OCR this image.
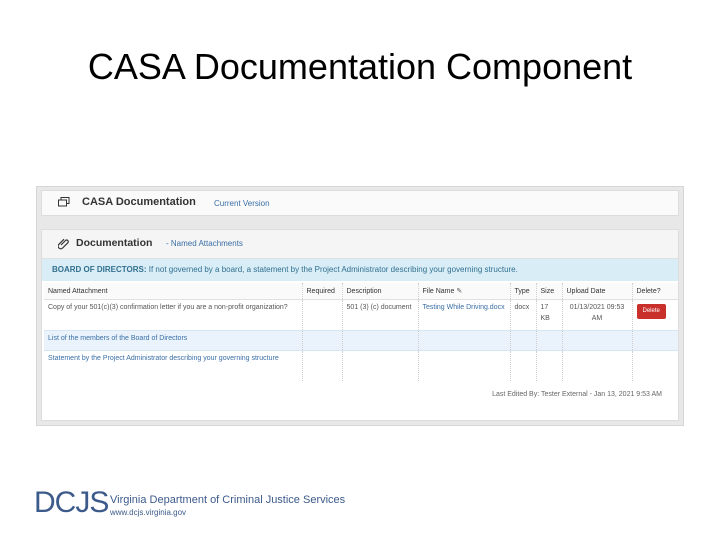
CASA Documentation Component
CASA Documentation Current Version
Documentation - Named Attachments
BOARD OF DIRECTORS: If not governed by a board, a statement by the Project Administrator describing your governing structure.
Named Attachment	Required	Description	File Name ✎	Type	Size	Upload Date	Delete?
Copy of your 501(c)(3) confirmation letter if you are a non-profit organization?		501 (3) (c) document	Testing While Driving.docx	docx	17 KB	01/13/2021 09:53 AM	Delete
List of the members of the Board of Directors							
Statement by the Project Administrator describing your governing structure							
Last Edited By: Tester External - Jan 13, 2021 9:53 AM
DCJS Virginia Department of Criminal Justice Services
www.dcjs.virginia.gov
